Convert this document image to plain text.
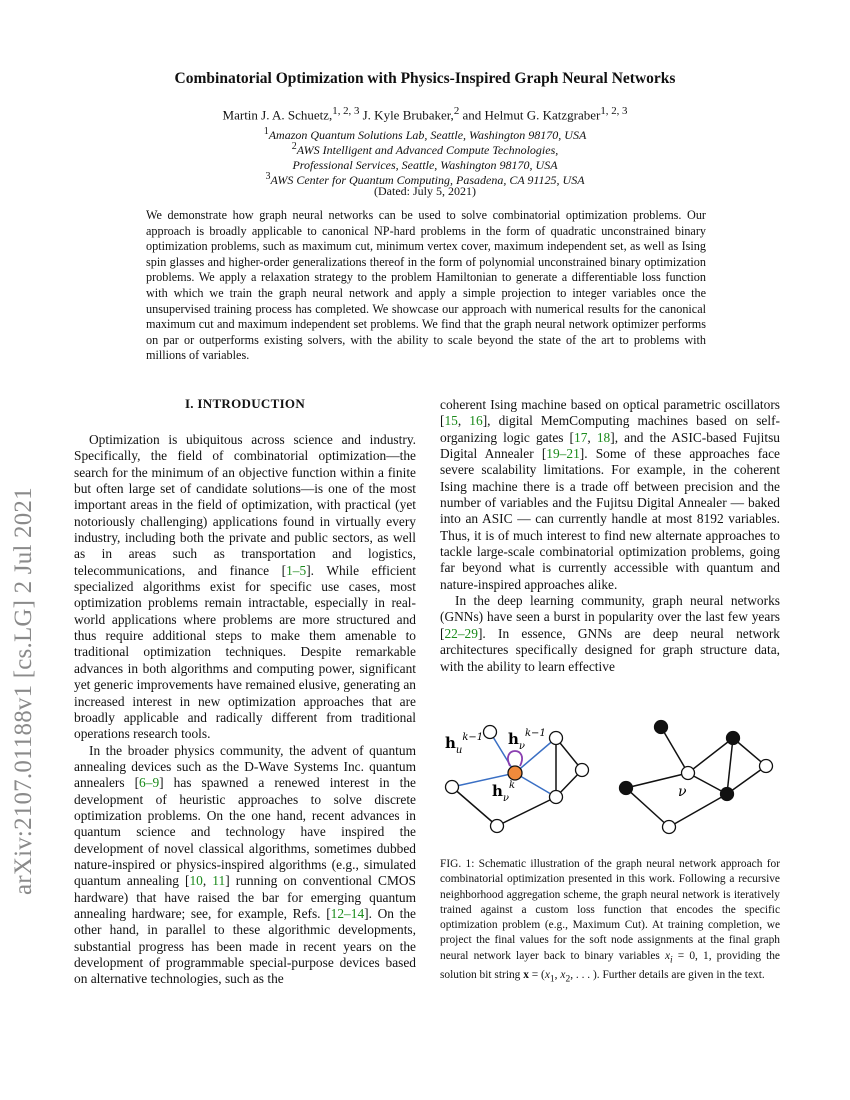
arXiv:2107.01188v1 [cs.LG] 2 Jul 2021
Combinatorial Optimization with Physics-Inspired Graph Neural Networks
Martin J. A. Schuetz,$^{1, 2, 3}$ J. Kyle Brubaker,$^2$ and Helmut G. Katzgraber$^{1, 2, 3}$
$^1$Amazon Quantum Solutions Lab, Seattle, Washington 98170, USA
$^2$AWS Intelligent and Advanced Compute Technologies,
Professional Services, Seattle, Washington 98170, USA
$^3$AWS Center for Quantum Computing, Pasadena, CA 91125, USA
(Dated: July 5, 2021)
We demonstrate how graph neural networks can be used to solve combinatorial optimization problems. Our approach is broadly applicable to canonical NP-hard problems in the form of quadratic unconstrained binary optimization problems, such as maximum cut, minimum vertex cover, maximum independent set, as well as Ising spin glasses and higher-order generalizations thereof in the form of polynomial unconstrained binary optimization problems. We apply a relaxation strategy to the problem Hamiltonian to generate a differentiable loss function with which we train the graph neural network and apply a simple projection to integer variables once the unsupervised training process has completed. We showcase our approach with numerical results for the canonical maximum cut and maximum independent set problems. We find that the graph neural network optimizer performs on par or outperforms existing solvers, with the ability to scale beyond the state of the art to problems with millions of variables.
I. INTRODUCTION

Optimization is ubiquitous across science and industry. Specifically, the field of combinatorial optimization—the search for the minimum of an objective function within a finite but often large set of candidate solutions—is one of the most important areas in the field of optimization, with practical (yet notoriously challenging) applications found in virtually every industry, including both the private and public sectors, as well as in areas such as transportation and logistics, telecommunications, and finance [1–5]. While efficient specialized algorithms exist for specific use cases, most optimization problems remain intractable, especially in real-world applications where problems are more structured and thus require additional steps to make them amenable to traditional optimization techniques. Despite remarkable advances in both algorithms and computing power, significant yet generic improvements have remained elusive, generating an increased interest in new optimization approaches that are broadly applicable and radically different from traditional operations research tools.

In the broader physics community, the advent of quantum annealing devices such as the D-Wave Systems Inc. quantum annealers [6–9] has spawned a renewed interest in the development of heuristic approaches to solve discrete optimization problems. On the one hand, recent advances in quantum science and technology have inspired the development of novel classical algorithms, sometimes dubbed nature-inspired or physics-inspired algorithms (e.g., simulated quantum annealing [10, 11] running on conventional CMOS hardware) that have raised the bar for emerging quantum annealing hardware; see, for example, Refs. [12–14]. On the other hand, in parallel to these algorithmic developments, substantial progress has been made in recent years on the development of programmable special-purpose devices based on alternative technologies, such as the

coherent Ising machine based on optical parametric oscillators [15, 16], digital MemComputing machines based on self-organizing logic gates [17, 18], and the ASIC-based Fujitsu Digital Annealer [19–21]. Some of these approaches face severe scalability limitations. For example, in the coherent Ising machine there is a trade off between precision and the number of variables and the Fujitsu Digital Annealer — baked into an ASIC — can currently handle at most 8192 variables. Thus, it is of much interest to find new alternate approaches to tackle large-scale combinatorial optimization problems, going far beyond what is currently accessible with quantum and nature-inspired approaches alike.

In the deep learning community, graph neural networks (GNNs) have seen a burst in popularity over the last few years [22–29]. In essence, GNNs are deep neural network architectures specifically designed for graph structure data, with the ability to learn effective

$h_u^{k-1}$ $h_\nu^{k-1}$
$h_\nu^k$	ν
FIG. 1: Schematic illustration of the graph neural network approach for combinatorial optimization presented in this work. Following a recursive neighborhood aggregation scheme, the graph neural network is iteratively trained against a custom loss function that encodes the specific optimization problem (e.g., Maximum Cut). At training completion, we project the final values for the soft node assignments at the final graph neural network layer back to binary variables $x_i = 0$, 1, providing the solution bit string $x = (x_1$, $x_2$, . . . ). Further details are given in the text.
